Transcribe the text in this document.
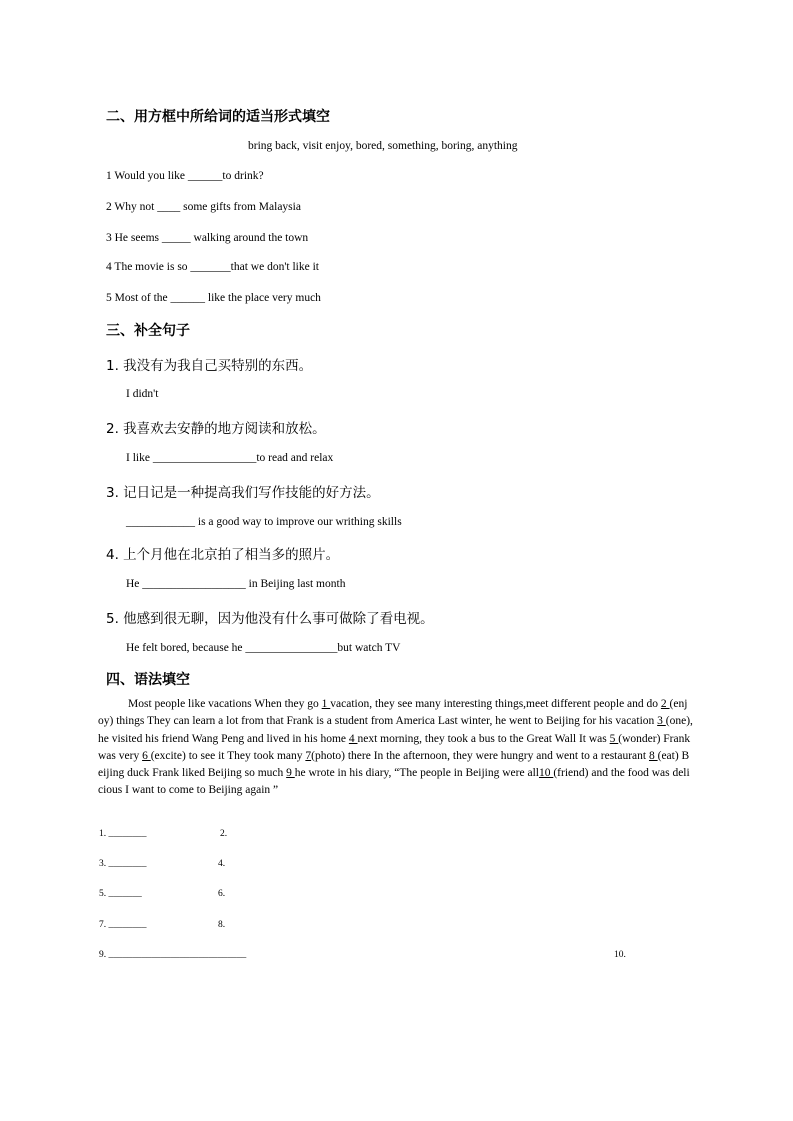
二、用方框中所给词的适当形式填空
bring back, visit enjoy, bored, something, boring, anything
1 Would you like ______to drink?
2 Why not ____ some gifts from Malaysia
3 He seems _____ walking around the town
4 The movie is so _______that we don't like it
5 Most of the ______ like the place very much
三、补全句子
1. 我没有为我自己买特别的东西。
I didn't
2. 我喜欢去安静的地方阅读和放松。
I like __________________to read and relax
3. 记日记是一种提高我们写作技能的好方法。
____________ is a good way to improve our writhing skills
4. 上个月他在北京拍了相当多的照片。
He __________________ in Beijing last month
5. 他感到很无聊，因为他没有什么事可做除了看电视。
He felt bored, because he ________________but watch TV
四、语法填空
Most people like vacations When they go 1 vacation, they see many interesting things,meet different people and do 2 (enjoy) things They can learn a lot from that Frank is a student from America Last winter, he went to Beijing for his vacation 3 (one), he visited his friend Wang Peng and lived in his home 4 next morning, they took a bus to the Great Wall It was 5 (wonder) Frank was very 6 (excite) to see it They took many 7(photo) there In the afternoon, they were hungry and went to a restaurant 8 (eat) Beijing duck Frank liked Beijing so much 9 he wrote in his diary, “The people in Beijing were all10 (friend) and the food was delicious I want to come to Beijing again ”
1. ________	2.
3. ________	4.
5. _______	6.
7. ________	8.
9. _____________________________	10.
